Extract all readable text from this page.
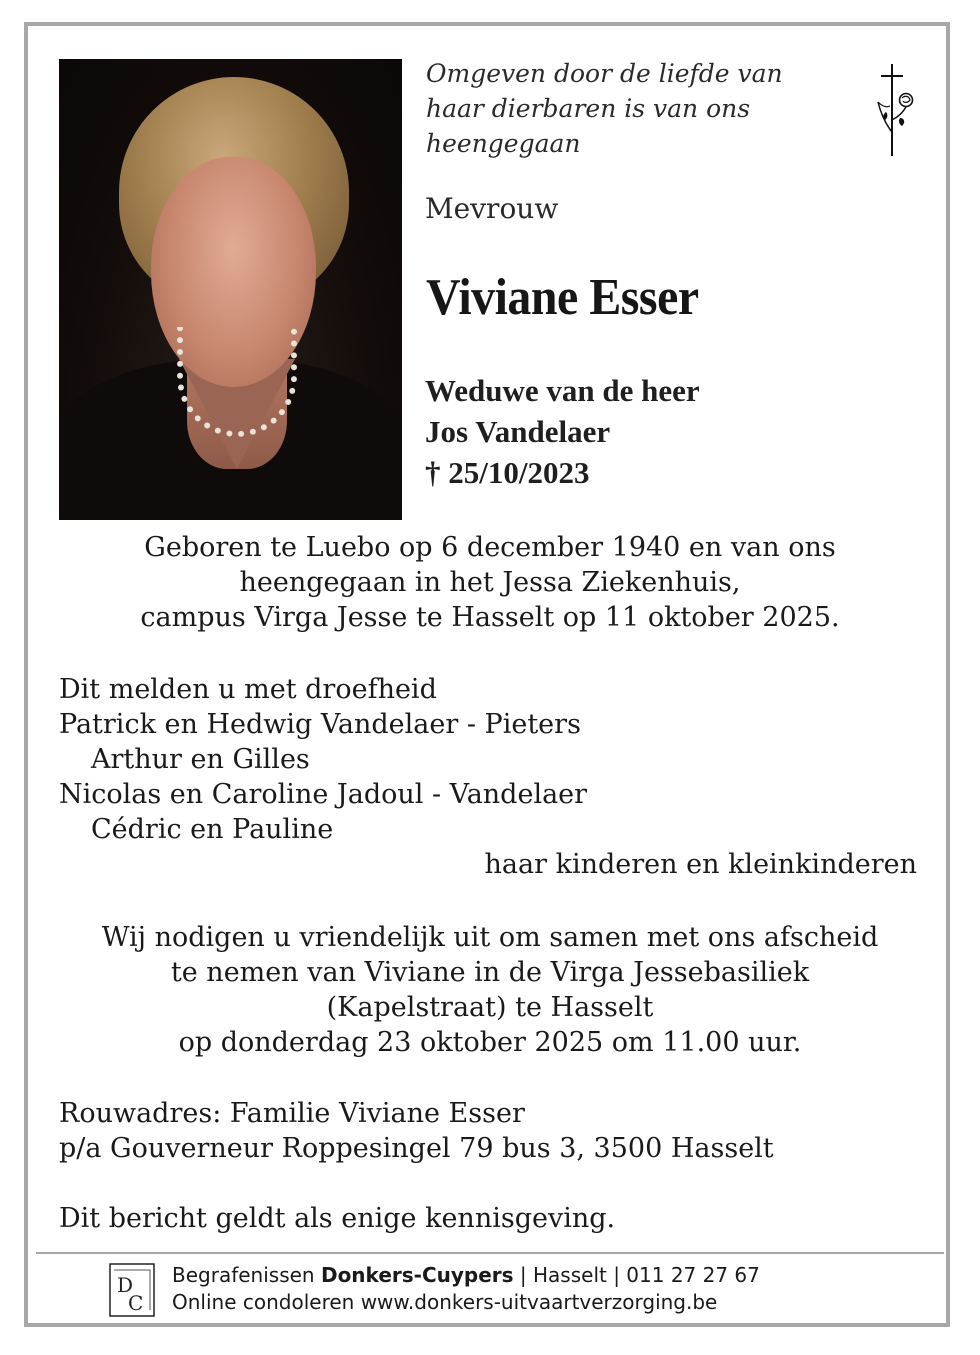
Omgeven door de liefde van
haar dierbaren is van ons
heengegaan
Mevrouw
Viviane Esser
Weduwe van de heer
Jos Vandelaer
† 25/10/2023
Geboren te Luebo op 6 december 1940 en van ons
heengegaan in het Jessa Ziekenhuis,
campus Virga Jesse te Hasselt op 11 oktober 2025.
Dit melden u met droefheid
Patrick en Hedwig Vandelaer - Pieters
Arthur en Gilles
Nicolas en Caroline Jadoul - Vandelaer
Cédric en Pauline
haar kinderen en kleinkinderen
Wij nodigen u vriendelijk uit om samen met ons afscheid
te nemen van Viviane in de Virga Jessebasiliek
(Kapelstraat) te Hasselt
op donderdag 23 oktober 2025 om 11.00 uur.
Rouwadres: Familie Viviane Esser
p/a Gouverneur Roppesingel 79 bus 3, 3500 Hasselt
Dit bericht geldt als enige kennisgeving.
D
C
Begrafenissen Donkers-Cuypers | Hasselt | 011 27 27 67
Online condoleren www.donkers-uitvaartverzorging.be
